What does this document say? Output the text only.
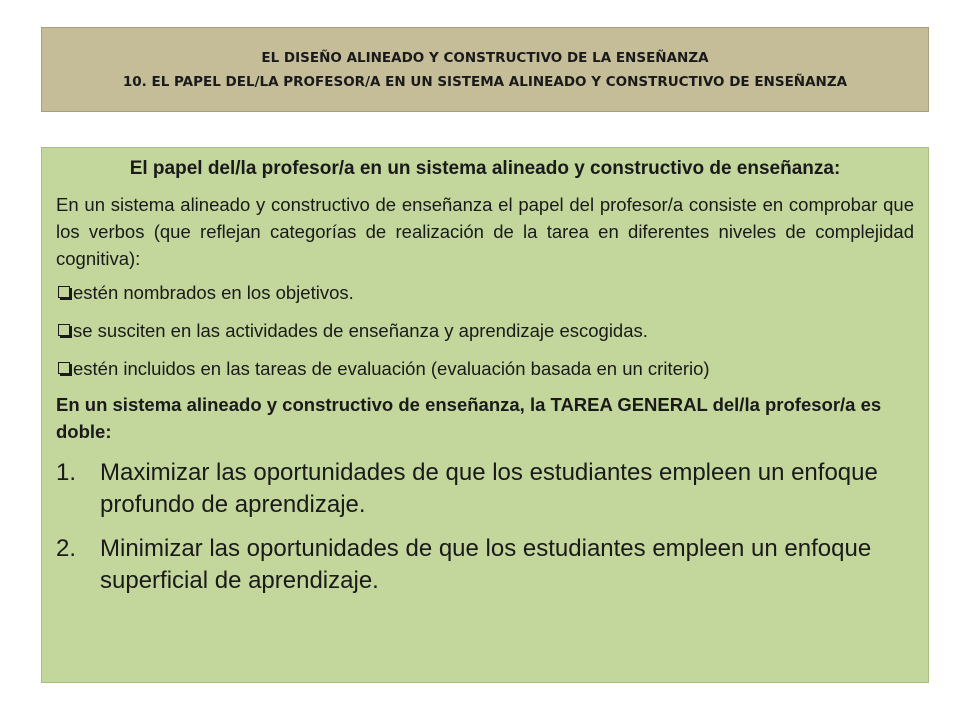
EL DISEÑO ALINEADO Y CONSTRUCTIVO DE LA ENSEÑANZA
10. EL PAPEL DEL/LA PROFESOR/A EN UN SISTEMA ALINEADO Y CONSTRUCTIVO DE ENSEÑANZA
El papel del/la profesor/a en un sistema alineado y constructivo de enseñanza:
En un sistema alineado y constructivo de enseñanza el papel del profesor/a consiste en comprobar que los verbos (que reflejan categorías de realización de la tarea en diferentes niveles de complejidad cognitiva):
estén nombrados en los objetivos.
se susciten en las actividades de enseñanza y aprendizaje escogidas.
estén incluidos en las tareas de evaluación (evaluación basada en un criterio)
En un sistema alineado y constructivo de enseñanza, la TAREA GENERAL del/la profesor/a es doble:
1. Maximizar las oportunidades de que los estudiantes empleen un enfoque profundo de aprendizaje.
2. Minimizar las oportunidades de que los estudiantes empleen un enfoque superficial de aprendizaje.
